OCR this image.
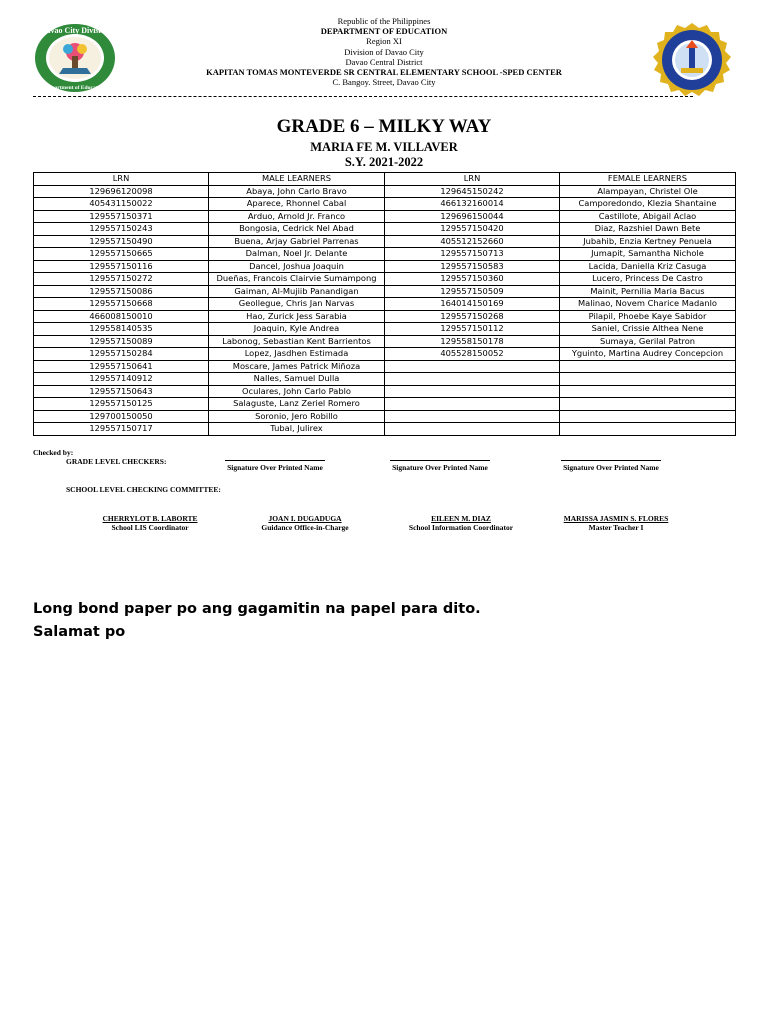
Davao City Division
Department of Education
Republic of the Philippines
DEPARTMENT OF EDUCATION
Region XI
Division of Davao City
Davao Central District
KAPITAN TOMAS MONTEVERDE SR CENTRAL ELEMENTARY SCHOOL -SPED CENTER
C. Bangoy. Street, Davao City
GRADE 6 – MILKY WAY
MARIA FE M. VILLAVER
S.Y. 2021-2022
LRN	MALE LEARNERS	LRN	FEMALE LEARNERS
129696120098	Abaya, John Carlo Bravo	129645150242	Alampayan, Christel Ole
405431150022	Aparece, Rhonnel Cabal	466132160014	Camporedondo, Klezia Shantaine
129557150371	Arduo, Arnold Jr. Franco	129696150044	Castillote, Abigail Aclao
129557150243	Bongosia, Cedrick Nel Abad	129557150420	Diaz, Razshiel Dawn Bete
129557150490	Buena, Arjay Gabriel Parrenas	405512152660	Jubahib, Enzia Kertney Penuela
129557150665	Dalman, Noel Jr. Delante	129557150713	Jumapit, Samantha Nichole
129557150116	Dancel, Joshua Joaquin	129557150583	Lacida, Daniella Kriz Casuga
129557150272	Dueñas, Francois Clairvie Sumampong	129557150360	Lucero, Princess De Castro
129557150086	Gaiman, Al-Mujiib Panandigan	129557150509	Mainit, Pernilia Maria Bacus
129557150668	Geollegue, Chris Jan Narvas	164014150169	Malinao, Novem Charice Madanlo
466008150010	Hao, Zurick Jess Sarabia	129557150268	Pilapil, Phoebe Kaye Sabidor
129558140535	Joaquin, Kyle Andrea	129557150112	Saniel, Crissie Althea Nene
129557150089	Labonog, Sebastian Kent Barrientos	129558150178	Sumaya, Gerilal Patron
129557150284	Lopez, Jasdhen Estimada	405528150052	Yguinto, Martina Audrey Concepcion
129557150641	Moscare, James Patrick Miñoza		
129557140912	Nalles, Samuel Dulla		
129557150643	Oculares, John Carlo Pablo		
129557150125	Salaguste, Lanz Zeriel Romero		
129700150050	Soronio, Jero Robillo		
129557150717	Tubal, Julirex		
Checked by:
GRADE LEVEL CHECKERS:
Signature Over Printed Name	Signature Over Printed Name	Signature Over Printed Name
SCHOOL LEVEL CHECKING COMMITTEE:
CHERRYLOT B. LABORTE
School LIS Coordinator
JOAN I. DUGADUGA
Guidance Office-in-Charge
EILEEN M. DIAZ
School Information Coordinator
MARISSA JASMIN S. FLORES
Master Teacher I
Long bond paper po ang gagamitin na papel para dito.
Salamat po
